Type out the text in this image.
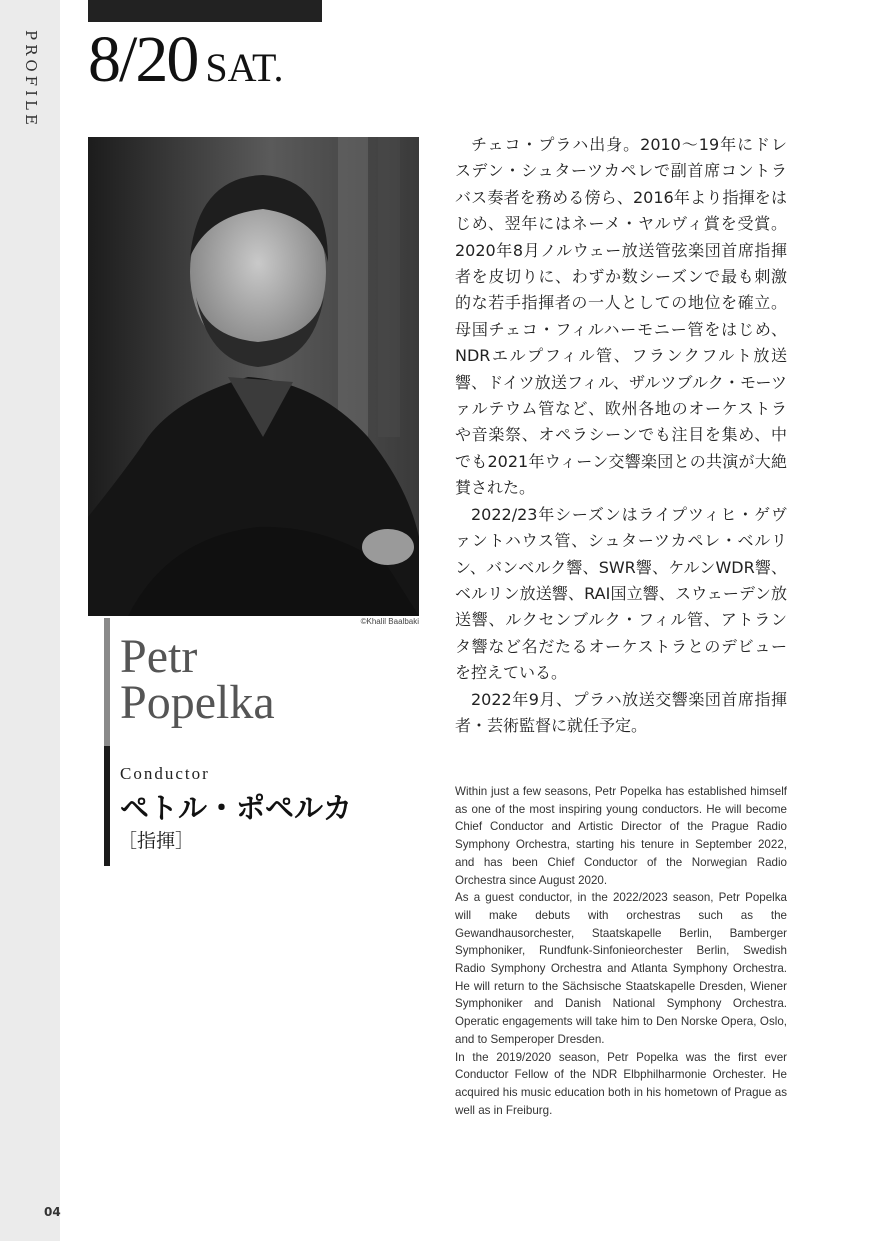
PROFILE
04
8/20 SAT.
©Khalil Baalbaki
Petr
Popelka
Conductor
ペトル・ポペルカ
［指揮］

チェコ・プラハ出身。2010〜19年にドレスデン・シュターツカペレで副首席コントラバス奏者を務める傍ら、2016年より指揮をはじめ、翌年にはネーメ・ヤルヴィ賞を受賞。2020年8月ノルウェー放送管弦楽団首席指揮者を皮切りに、わずか数シーズンで最も刺激的な若手指揮者の一人としての地位を確立。母国チェコ・フィルハーモニー管をはじめ、NDRエルプフィル管、フランクフルト放送響、ドイツ放送フィル、ザルツブルク・モーツァルテウム管など、欧州各地のオーケストラや音楽祭、オペラシーンでも注目を集め、中でも2021年ウィーン交響楽団との共演が大絶賛された。

2022/23年シーズンはライプツィヒ・ゲヴァントハウス管、シュターツカペレ・ベルリン、バンベルク響、SWR響、ケルンWDR響、ベルリン放送響、RAI国立響、スウェーデン放送響、ルクセンブルク・フィル管、アトランタ響など名だたるオーケストラとのデビューを控えている。

2022年9月、プラハ放送交響楽団首席指揮者・芸術監督に就任予定。

Within just a few seasons, Petr Popelka has established himself as one of the most inspiring young conductors. He will become Chief Conductor and Artistic Director of the Prague Radio Symphony Orchestra, starting his tenure in September 2022, and has been Chief Conductor of the Norwegian Radio Orchestra since August 2020.

As a guest conductor, in the 2022/2023 season, Petr Popelka will make debuts with orchestras such as the Gewandhausorchester, Staatskapelle Berlin, Bamberger Symphoniker, Rundfunk-Sinfonieorchester Berlin, Swedish Radio Symphony Orchestra and Atlanta Symphony Orchestra. He will return to the Sächsische Staatskapelle Dresden, Wiener Symphoniker and Danish National Symphony Orchestra. Operatic engagements will take him to Den Norske Opera, Oslo, and to Semperoper Dresden.

In the 2019/2020 season, Petr Popelka was the first ever Conductor Fellow of the NDR Elbphilharmonie Orchester. He acquired his music education both in his hometown of Prague as well as in Freiburg.
